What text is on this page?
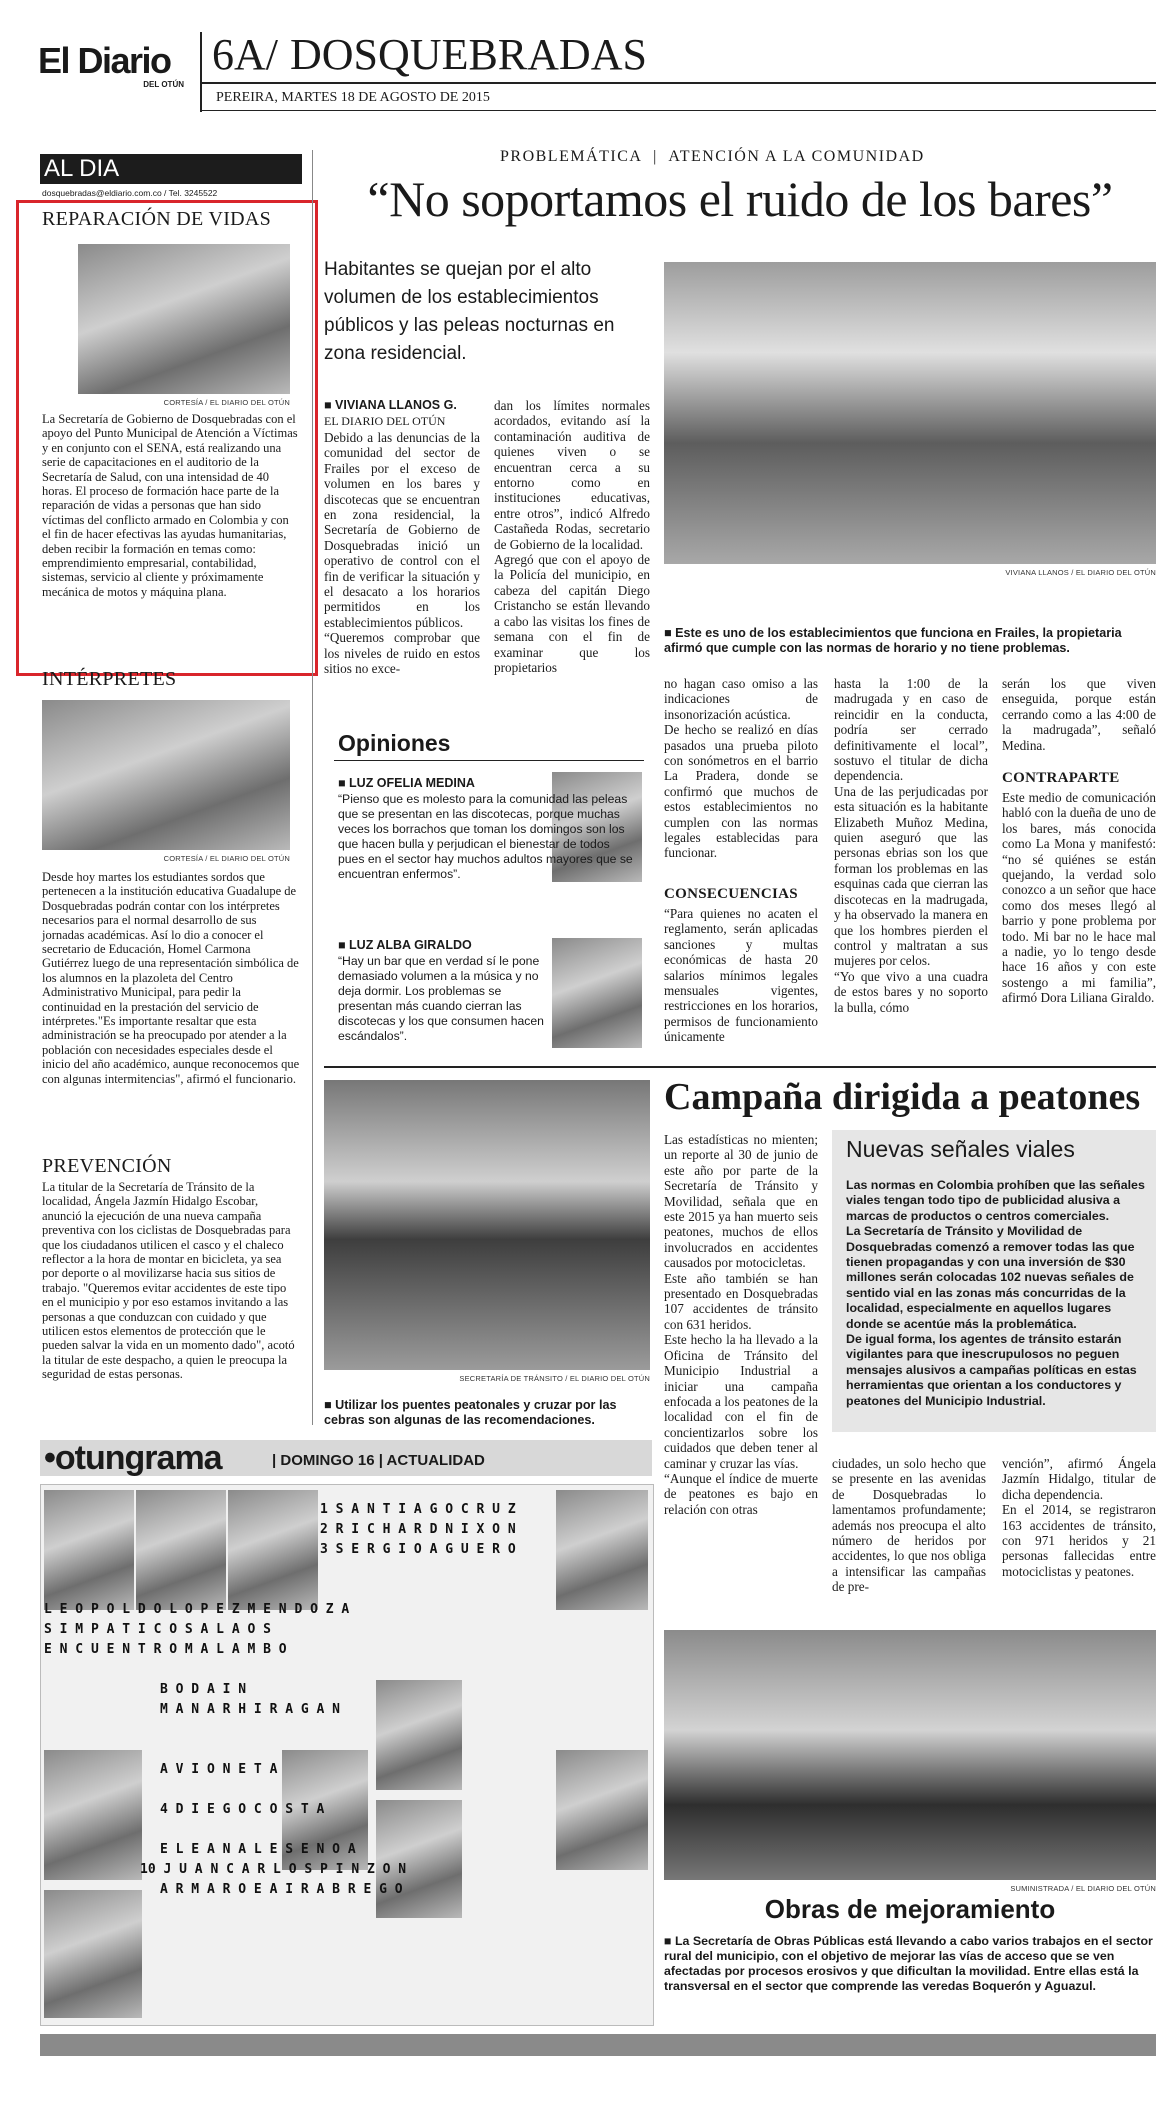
El Diario
DEL OTÚN
6A/ DOSQUEBRADAS
PEREIRA, MARTES 18 DE AGOSTO DE 2015
AL DIA
dosquebradas@eldiario.com.co / Tel. 3245522
REPARACIÓN DE VIDAS
CORTESÍA / EL DIARIO DEL OTÚN
La Secretaría de Gobierno de Dosquebradas con el apoyo del Punto Municipal de Atención a Víctimas y en conjunto con el SENA, está realizando una serie de capacitaciones en el auditorio de la Secretaría de Salud, con una intensidad de 40 horas. El proceso de formación hace parte de la reparación de vidas a personas que han sido víctimas del conflicto armado en Colombia y con el fin de hacer efectivas las ayudas humanitarias, deben recibir la formación en temas como: emprendimiento empresarial, contabilidad, sistemas, servicio al cliente y próximamente mecánica de motos y máquina plana.
INTÉRPRETES
CORTESÍA / EL DIARIO DEL OTÚN
Desde hoy martes los estudiantes sordos que pertenecen a la institución educativa Guadalupe de Dosquebradas podrán contar con los intérpretes necesarios para el normal desarrollo de sus jornadas académicas. Así lo dio a conocer el secretario de Educación, Homel Carmona Gutiérrez luego de una representación simbólica de los alumnos en la plazoleta del Centro Administrativo Municipal, para pedir la continuidad en la prestación del servicio de intérpretes."Es importante resaltar que esta administración se ha preocupado por atender a la población con necesidades especiales desde el inicio del año académico, aunque reconocemos que con algunas intermitencias", afirmó el funcionario.
PREVENCIÓN
La titular de la Secretaría de Tránsito de la localidad, Ángela Jazmín Hidalgo Escobar, anunció la ejecución de una nueva campaña preventiva con los ciclistas de Dosquebradas para que los ciudadanos utilicen el casco y el chaleco reflector a la hora de montar en bicicleta, ya sea por deporte o al movilizarse hacia sus sitios de trabajo. "Queremos evitar accidentes de este tipo en el municipio y por eso estamos invitando a las personas a que conduzcan con cuidado y que utilicen estos elementos de protección que le pueden salvar la vida en un momento dado", acotó la titular de este despacho, a quien le preocupa la seguridad de estas personas.
PROBLEMÁTICA | ATENCIÓN A LA COMUNIDAD
“No soportamos el ruido de los bares”
Habitantes se quejan por el alto volumen de los establecimientos públicos y las peleas nocturnas en zona residencial.
■ VIVIANA LLANOS G.
EL DIARIO DEL OTÚN
Debido a las denuncias de la comunidad del sector de Frailes por el exceso de volumen en los bares y discotecas que se encuentran en zona residencial, la Secretaría de Gobierno de Dosquebradas inició un operativo de control con el fin de verificar la situación y el desacato a los horarios permitidos en los establecimientos públicos.
“Queremos comprobar que los niveles de ruido en estos sitios no exce-
dan los límites normales acordados, evitando así la contaminación auditiva de quienes viven o se encuentran cerca a su entorno como en instituciones educativas, entre otros”, indicó Alfredo Castañeda Rodas, secretario de Gobierno de la localidad.
Agregó que con el apoyo de la Policía del municipio, en cabeza del capitán Diego Cristancho se están llevando a cabo las visitas los fines de semana con el fin de examinar que los propietarios
VIVIANA LLANOS / EL DIARIO DEL OTÚN
■ Este es uno de los establecimientos que funciona en Frailes, la propietaria afirmó que cumple con las normas de horario y no tiene problemas.
Opiniones
■ LUZ OFELIA MEDINA
“Pienso que es molesto para la comunidad las peleas que se presentan en las discotecas, porque muchas veces los borrachos que toman los domingos son los que hacen bulla y perjudican el bienestar de todos pues en el sector hay muchos adultos mayores que se encuentran enfermos”.
■ LUZ ALBA GIRALDO
“Hay un bar que en verdad sí le pone demasiado volumen a la música y no deja dormir. Los problemas se presentan más cuando cierran las discotecas y los que consumen hacen escándalos”.
no hagan caso omiso a las indicaciones de insonorización acústica.
De hecho se realizó en días pasados una prueba piloto con sonómetros en el barrio La Pradera, donde se confirmó que muchos de estos establecimientos no cumplen con las normas legales establecidas para funcionar.
CONSECUENCIAS
“Para quienes no acaten el reglamento, serán aplicadas sanciones y multas económicas de hasta 20 salarios mínimos legales mensuales vigentes, restricciones en los horarios, permisos de funcionamiento únicamente
hasta la 1:00 de la madrugada y en caso de reincidir en la conducta, podría ser cerrado definitivamente el local”, sostuvo el titular de dicha dependencia.
Una de las perjudicadas por esta situación es la habitante Elizabeth Muñoz Medina, quien aseguró que las personas ebrias son los que forman los problemas en las esquinas cada que cierran las discotecas en la madrugada, y ha observado la manera en que los hombres pierden el control y maltratan a sus mujeres por celos.
“Yo que vivo a una cuadra de estos bares y no soporto la bulla, cómo
serán los que viven enseguida, porque están cerrando como a las 4:00 de la madrugada”, señaló Medina.
CONTRAPARTE
Este medio de comunicación habló con la dueña de uno de los bares, más conocida como La Mona y manifestó: “no sé quiénes se están quejando, la verdad solo conozco a un señor que hace como dos meses llegó al barrio y pone problema por todo. Mi bar no le hace mal a nadie, yo lo tengo desde hace 16 años y con este sostengo a mi familia”, afirmó Dora Liliana Giraldo.
SECRETARÍA DE TRÁNSITO / EL DIARIO DEL OTÚN
■ Utilizar los puentes peatonales y cruzar por las cebras son algunas de las recomendaciones.
Campaña dirigida a peatones
Las estadísticas no mienten; un reporte al 30 de junio de este año por parte de la Secretaría de Tránsito y Movilidad, señala que en este 2015 ya han muerto seis peatones, muchos de ellos involucrados en accidentes causados por motocicletas.
Este año también se han presentado en Dosquebradas 107 accidentes de tránsito con 631 heridos.
Este hecho la ha llevado a la Oficina de Tránsito del Municipio Industrial a iniciar una campaña enfocada a los peatones de la localidad con el fin de concientizarlos sobre los cuidados que deben tener al caminar y cruzar las vías.
“Aunque el índice de muerte de peatones es bajo en relación con otras
Nuevas señales viales
Las normas en Colombia prohíben que las señales viales tengan todo tipo de publicidad alusiva a marcas de productos o centros comerciales.
La Secretaría de Tránsito y Movilidad de Dosquebradas comenzó a remover todas las que tienen propagandas y con una inversión de $30 millones serán colocadas 102 nuevas señales de sentido vial en las zonas más concurridas de la localidad, especialmente en aquellos lugares donde se acentúe más la problemática.
De igual forma, los agentes de tránsito estarán vigilantes para que inescrupulosos no peguen mensajes alusivos a campañas políticas en estas herramientas que orientan a los conductores y peatones del Municipio Industrial.
ciudades, un solo hecho que se presente en las avenidas de Dosquebradas lo lamentamos profundamente; además nos preocupa el alto número de heridos por accidentes, lo que nos obliga a intensificar las campañas de pre-
vención”, afirmó Ángela Jazmín Hidalgo, titular de dicha dependencia.
En el 2014, se registraron 163 accidentes de tránsito, con 971 heridos y 21 personas fallecidas entre motociclistas y peatones.
SUMINISTRADA / EL DIARIO DEL OTÚN
Obras de mejoramiento
■ La Secretaría de Obras Públicas está llevando a cabo varios trabajos en el sector rural del municipio, con el objetivo de mejorar las vías de acceso que se ven afectadas por procesos erosivos y que dificultan la movilidad. Entre ellas está la transversal en el sector que comprende las veredas Boquerón y Aguazul.
•otungrama	| DOMINGO 16 | ACTUALIDAD
1 S A N T I A G O C R U Z
2 R I C H A R D N I X O N
3 S E R G I O A G U E R O
L E O P O L D O L O P E Z M E N D O Z A
S I M P A T I C O S A L A O S
E N C U E N T R O M A L A M B O
B O D A I N
M A N A R H I R A G A N
A V I O N E T A
4 D I E G O C O S T A
E L E A N A L E S E N O A
10 J U A N C A R L O S P I N Z O N
A R M A R O E A I R A B R E G O
